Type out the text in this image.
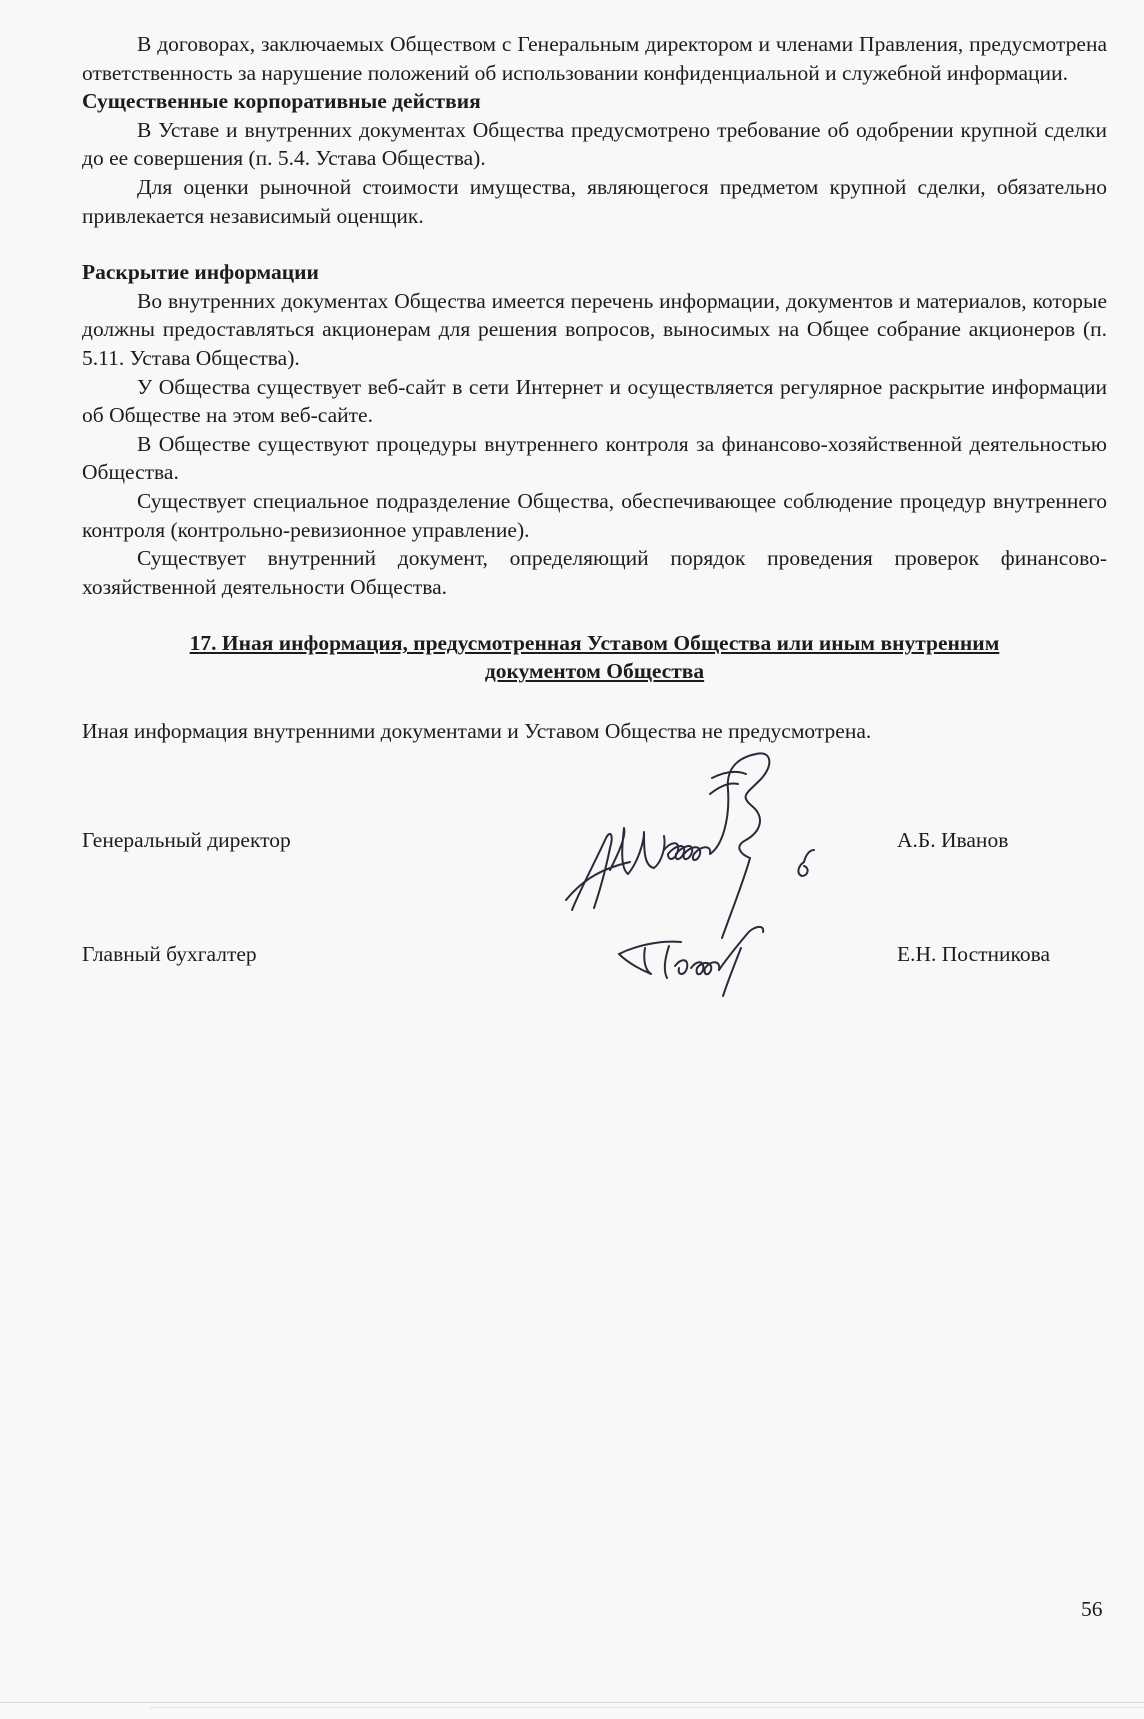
В договорах, заключаемых Обществом с Генеральным директором и членами Правления, предусмотрена ответственность за нарушение положений об использовании конфиденциальной и служебной информации.

Существенные корпоративные действия

В Уставе и внутренних документах Общества предусмотрено требование об одобрении крупной сделки до ее совершения (п. 5.4. Устава Общества).

Для оценки рыночной стоимости имущества, являющегося предметом крупной сделки, обязательно привлекается независимый оценщик.

Раскрытие информации

Во внутренних документах Общества имеется перечень информации, документов и материалов, которые должны предоставляться акционерам для решения вопросов, выносимых на Общее собрание акционеров (п. 5.11. Устава Общества).

У Общества существует веб-сайт в сети Интернет и осуществляется регулярное раскрытие информации об Обществе на этом веб-сайте.

В Обществе существуют процедуры внутреннего контроля за финансово-хозяйственной деятельностью Общества.

Существует специальное подразделение Общества, обеспечивающее соблюдение процедур внутреннего контроля (контрольно-ревизионное управление).

Существует внутренний документ, определяющий порядок проведения проверок финансово-хозяйственной деятельности Общества.

17. Иная информация, предусмотренная Уставом Общества или иным внутренним
документом Общества

Иная информация внутренними документами и Уставом Общества не предусмотрена.

Генеральный директор	А.Б. Иванов
Главный бухгалтер	Е.Н. Постникова
56
